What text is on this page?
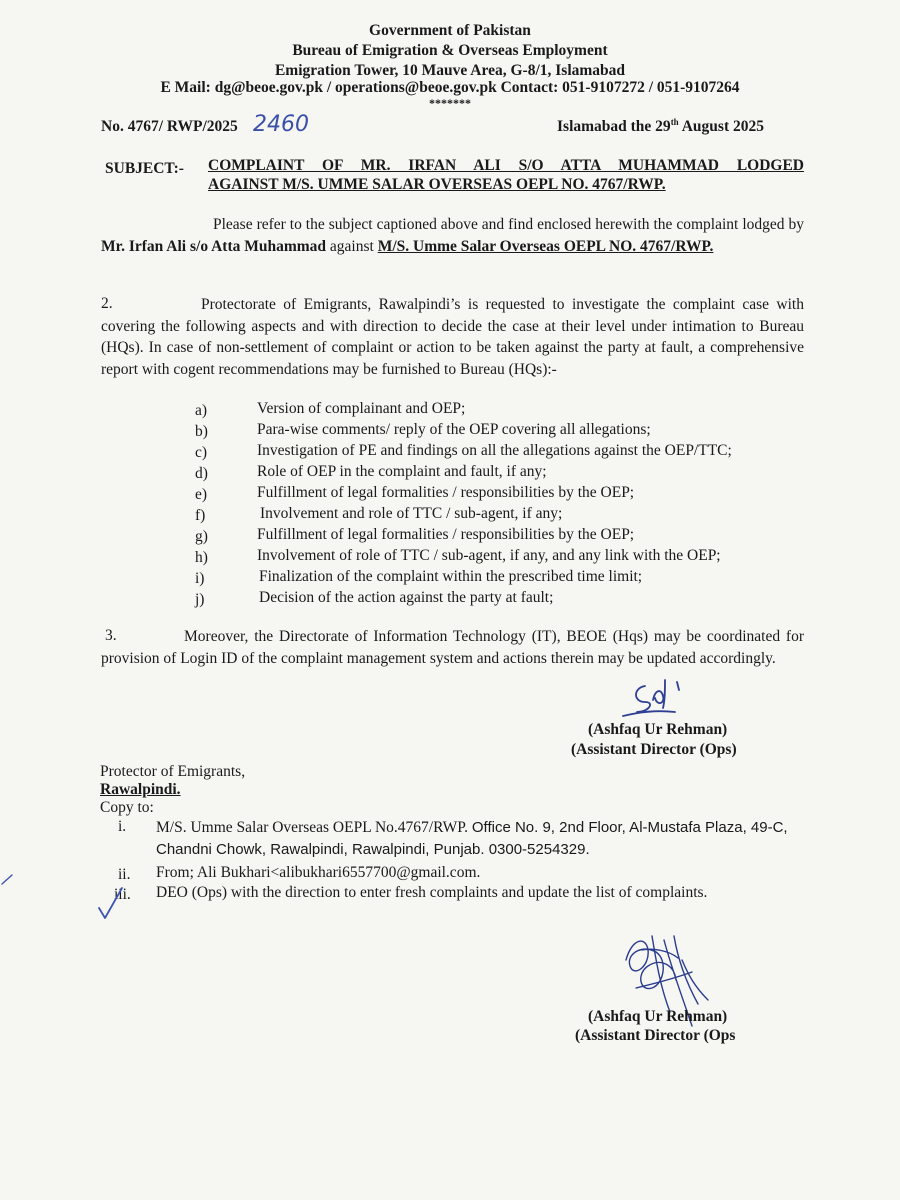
Government of Pakistan
Bureau of Emigration & Overseas Employment
Emigration Tower, 10 Mauve Area, G-8/1, Islamabad
E Mail: dg@beoe.gov.pk / operations@beoe.gov.pk Contact: 051-9107272 / 051-9107264
*******
No. 4767/ RWP/2025 2460	Islamabad the 29th August 2025
SUBJECT:- COMPLAINT OF MR. IRFAN ALI S/O ATTA MUHAMMAD LODGED
AGAINST M/S. UMME SALAR OVERSEAS OEPL NO. 4767/RWP.
Please refer to the subject captioned above and find enclosed herewith the complaint lodged by Mr. Irfan Ali s/o Atta Muhammad against M/S. Umme Salar Overseas OEPL NO. 4767/RWP.
2.	Protectorate of Emigrants, Rawalpindi’s is requested to investigate the complaint case with covering the following aspects and with direction to decide the case at their level under intimation to Bureau (HQs). In case of non-settlement of complaint or action to be taken against the party at fault, a comprehensive report with cogent recommendations may be furnished to Bureau (HQs):-
a)	Version of complainant and OEP;
b)	Para-wise comments/ reply of the OEP covering all allegations;
c)	Investigation of PE and findings on all the allegations against the OEP/TTC;
d)	Role of OEP in the complaint and fault, if any;
e)	Fulfillment of legal formalities / responsibilities by the OEP;
f)	Involvement and role of TTC / sub-agent, if any;
g)	Fulfillment of legal formalities / responsibilities by the OEP;
h)	Involvement of role of TTC / sub-agent, if any, and any link with the OEP;
i)	Finalization of the complaint within the prescribed time limit;
j)	Decision of the action against the party at fault;
3.	Moreover, the Directorate of Information Technology (IT), BEOE (Hqs) may be coordinated for provision of Login ID of the complaint management system and actions therein may be updated accordingly.
(Ashfaq Ur Rehman)
(Assistant Director (Ops)
Protector of Emigrants,
Rawalpindi.
Copy to:
i. M/S. Umme Salar Overseas OEPL No.4767/RWP. Office No. 9, 2nd Floor, Al-Mustafa Plaza, 49-C, Chandni Chowk, Rawalpindi, Rawalpindi, Punjab. 0300-5254329.
ii. From; Ali Bukhari<alibukhari6557700@gmail.com.
iii. DEO (Ops) with the direction to enter fresh complaints and update the list of complaints.
(Ashfaq Ur Rehman)
(Assistant Director (Ops
